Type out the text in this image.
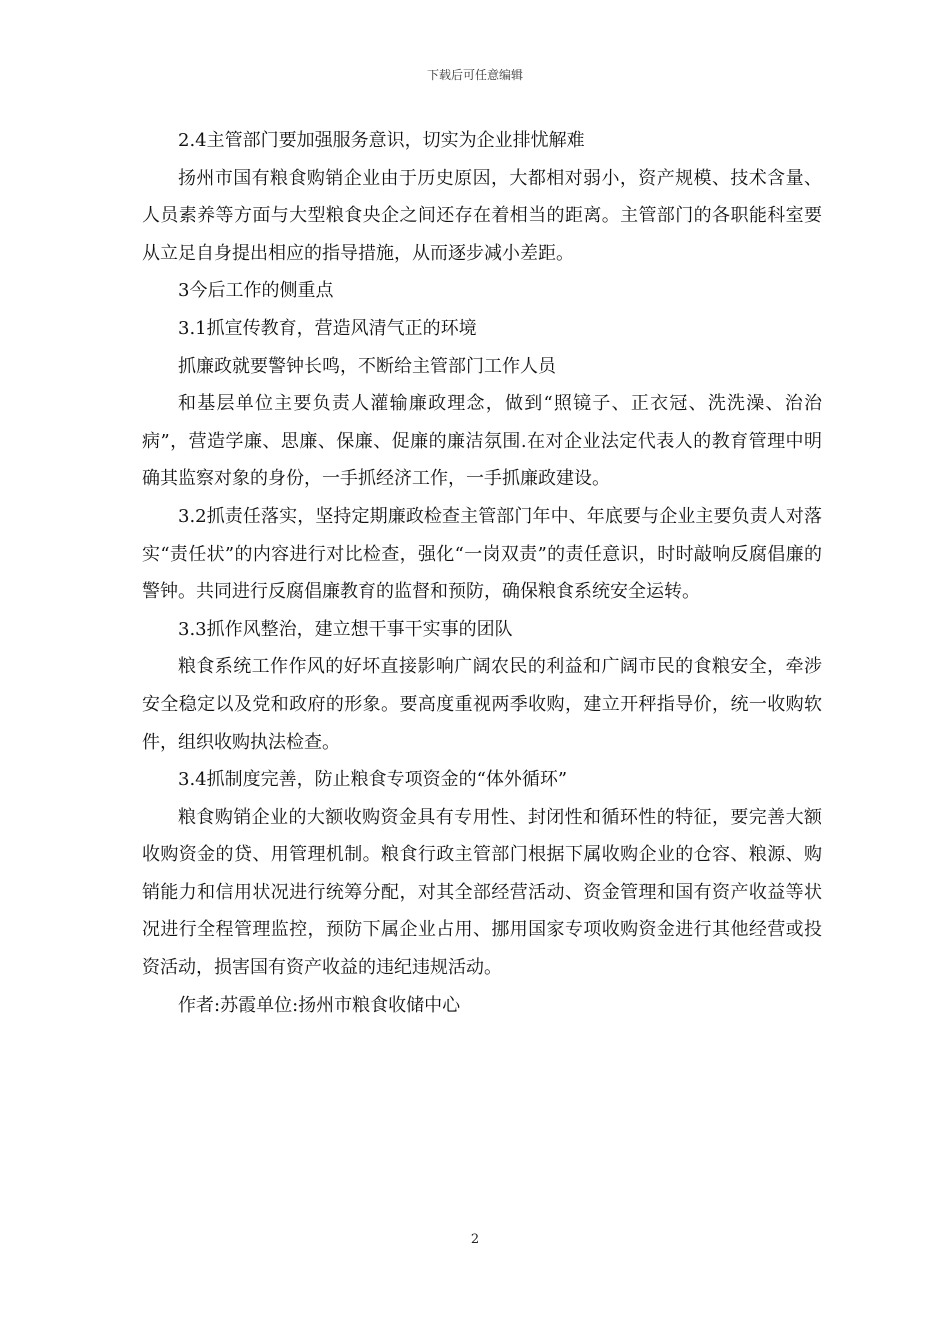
下载后可任意编辑

2.4主管部门要加强服务意识，切实为企业排忧解难

扬州市国有粮食购销企业由于历史原因，大都相对弱小，资产规模、技术含量、人员素养等方面与大型粮食央企之间还存在着相当的距离。主管部门的各职能科室要从立足自身提出相应的指导措施，从而逐步减小差距。

3今后工作的侧重点

3.1抓宣传教育，营造风清气正的环境

抓廉政就要警钟长鸣，不断给主管部门工作人员

和基层单位主要负责人灌输廉政理念，做到“照镜子、正衣冠、洗洗澡、治治病”，营造学廉、思廉、保廉、促廉的廉洁氛围.在对企业法定代表人的教育管理中明确其监察对象的身份，一手抓经济工作，一手抓廉政建设。

3.2抓责任落实，坚持定期廉政检查主管部门年中、年底要与企业主要负责人对落实“责任状”的内容进行对比检查，强化“一岗双责”的责任意识，时时敲响反腐倡廉的警钟。共同进行反腐倡廉教育的监督和预防，确保粮食系统安全运转。

3.3抓作风整治，建立想干事干实事的团队

粮食系统工作作风的好坏直接影响广阔农民的利益和广阔市民的食粮安全，牵涉安全稳定以及党和政府的形象。要高度重视两季收购，建立开秤指导价，统一收购软件，组织收购执法检查。

3.4抓制度完善，防止粮食专项资金的“体外循环”

粮食购销企业的大额收购资金具有专用性、封闭性和循环性的特征，要完善大额收购资金的贷、用管理机制。粮食行政主管部门根据下属收购企业的仓容、粮源、购销能力和信用状况进行统筹分配，对其全部经营活动、资金管理和国有资产收益等状况进行全程管理监控，预防下属企业占用、挪用国家专项收购资金进行其他经营或投资活动，损害国有资产收益的违纪违规活动。

作者:苏霞单位:扬州市粮食收储中心

2
